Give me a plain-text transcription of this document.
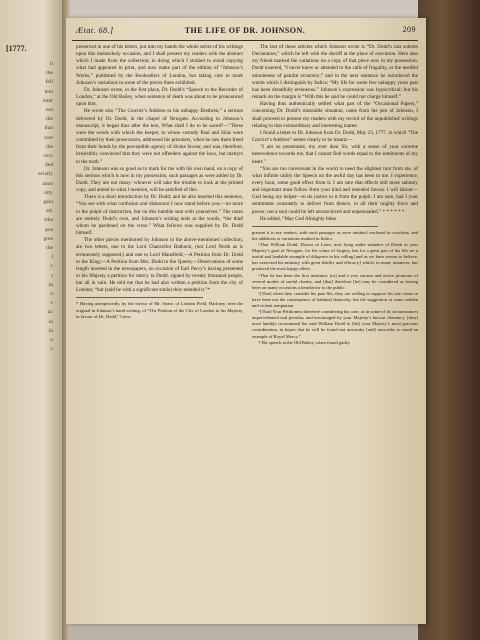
[1777.
it
the
fell
lent
inter
not
the
that
ture
the
very
ded
ecially
ainst
nity
gain
ed,
rtha
pos
gree
the
l
c
t
in
o
v
ac
io
in
o
c
Ætat. 68.]	THE LIFE OF DR. JOHNSON.	209

preserved in one of his letters, put into my hands the whole series of his writings upon this melancholy occasion, and I shall present my readers with the abstract which I made from the collection; in doing which I studied to avoid copying what had appeared in print, and now make part of the edition of “Johnson’s Works,” published by the Booksellers of London, but taking care to mark Johnson’s variations in some of the pieces there exhibited.

Dr. Johnson wrote, in the first place, Dr. Dodd’s “Speech to the Recorder of London,” at the Old Bailey, when sentence of death was about to be pronounced upon him.

He wrote also “The Convict’s Address to his unhappy Brethren,” a sermon delivered by Dr. Dodd, in the chapel of Newgate. According to Johnson’s manuscript, it began thus after the text, What shall I do to be saved?—“These were the words with which the keeper, to whose custody Paul and Silas were committed by their prosecutors, addressed his prisoners, when he saw them freed from their bonds by the perceptible agency of divine favour, and was, therefore, irresistibly convinced that they were not offenders against the laws, but martyrs to the truth.”

Dr. Johnson was so good as to mark for me with his own hand, on a copy of this sermon which is now in my possession, such passages as were added by Dr. Dodd. They are not many: whoever will take the trouble to look at the printed copy, and attend to what I mention, will be satisfied of this.

There is a short introduction by Dr. Dodd; and he also inserted this sentence, “You see with what confusion and dishonour I now stand before you;—no more in the pulpit of instruction, but on this humble seat with yourselves.” The notes are entirely Dodd’s own, and Johnson’s writing ends at the words, “the thief whom he pardoned on the cross.” What follows was supplied by Dr. Dodd himself.

The other pieces mentioned by Johnson in the above-mentioned collection, are two letters, one to the Lord Chancellor Bathurst, (not Lord North as is erroneously supposed,) and one to Lord Mansfield;—A Petition from Dr. Dodd to the King;—A Petition from Mrs. Dodd to the Queen;—Observations of some length inserted in the newspapers, on occasion of Earl Percy’s having presented to his Majesty a petition for mercy to Dodd, signed by twenty thousand people, but all in vain. He told me that he had also written a petition from the city of London; “but (said he with a significant smile) they mended it.”*

* Having unexpectedly, by the favour of Mr. Stone, of London Field, Hackney, seen the original in Johnson’s hand-writing, of “The Petition of the City of London to his Majesty, in favour of Dr. Dodd,” I now

The last of these articles which Johnson wrote is “Dr. Dodd’s last solemn Declaration,” which he left with the sheriff at the place of execution. Here also my friend marked the variations on a copy of that piece now in my possession. Dodd inserted, “I never knew or attended to the calls of frugality, or the needful minuteness of painful economy;” and in the next sentence he introduced the words which I distinguish by Italics; “My life for some few unhappy years past has been dreadfully erroneous.” Johnson’s expression was hypocritical; but his remark on the margin is “With this he said he could not charge himself.”

Having thus authentically settled what part of the “Occasional Papers,” concerning Dr. Dodd’s miserable situation, came from the pen of Johnson, I shall proceed to present my readers with my record of the unpublished writings relating to that extraordinary and interesting matter.

I found a letter to Dr. Johnson from Dr. Dodd, May 23, 1777, in which “The Convict’s Address” seems clearly to be meant:—

“I am so penetrated, my ever dear Sir, with a sense of your extreme benevolence towards me, that I cannot find words equal to the sentiments of my heart.”

“You are too conversant in the world to need the slightest hint from me, of what infinite utility the Speech on the awful day has been to me. I experience, every hour, some good effect from it. I am sure that effects still more salutary and important must follow from your kind and intended favour. I will labour—God being my helper—to do justice to it from the pulpit. I am sure, had I your sentiments constantly to deliver from thence, in all their mighty force and power, not a soul could be left unconvinced and unpersuaded.” * * * * * *

He added, “May God Almighty bless

present it to my readers, with such passages as were omitted, enclosed in crotchets, and the additions or variations marked in Italics.

“That William Dodd, Doctor of Laws, now lying under sentence of Death in your Majesty’s gaol of Newgate, for the crime of forgery, has for a great part of his life set a useful and laudable example of diligence in his calling [and as we have reason to believe, has exercised his ministry with great fidelity and efficacy,] which, in many instances, has produced the most happy effect.

“That he has been the first institutor, [or] and a very earnest and active promoter of several modes of useful charity, and [that] therefore [he] may be considered as having been on many occasions a benefactor to the public.

“[That] when they consider his past life, they are willing to suppose his late crime to have been not the consequence of habitual depravity, but the suggestion of some sudden and violent temptation.

“[That] Your Petitioners therefore considering his case, as in some of its circumstances unprecedented and peculiar, and encouraged by your Majesty’s known clemency, [they] most humbly recommend the said William Dodd to [his] your Majesty’s most gracious consideration, in hopes that he will be found not unworthy [and] unworthy to stand an example of Royal Mercy.”

† His speech at the Old Bailey, when found guilty.
